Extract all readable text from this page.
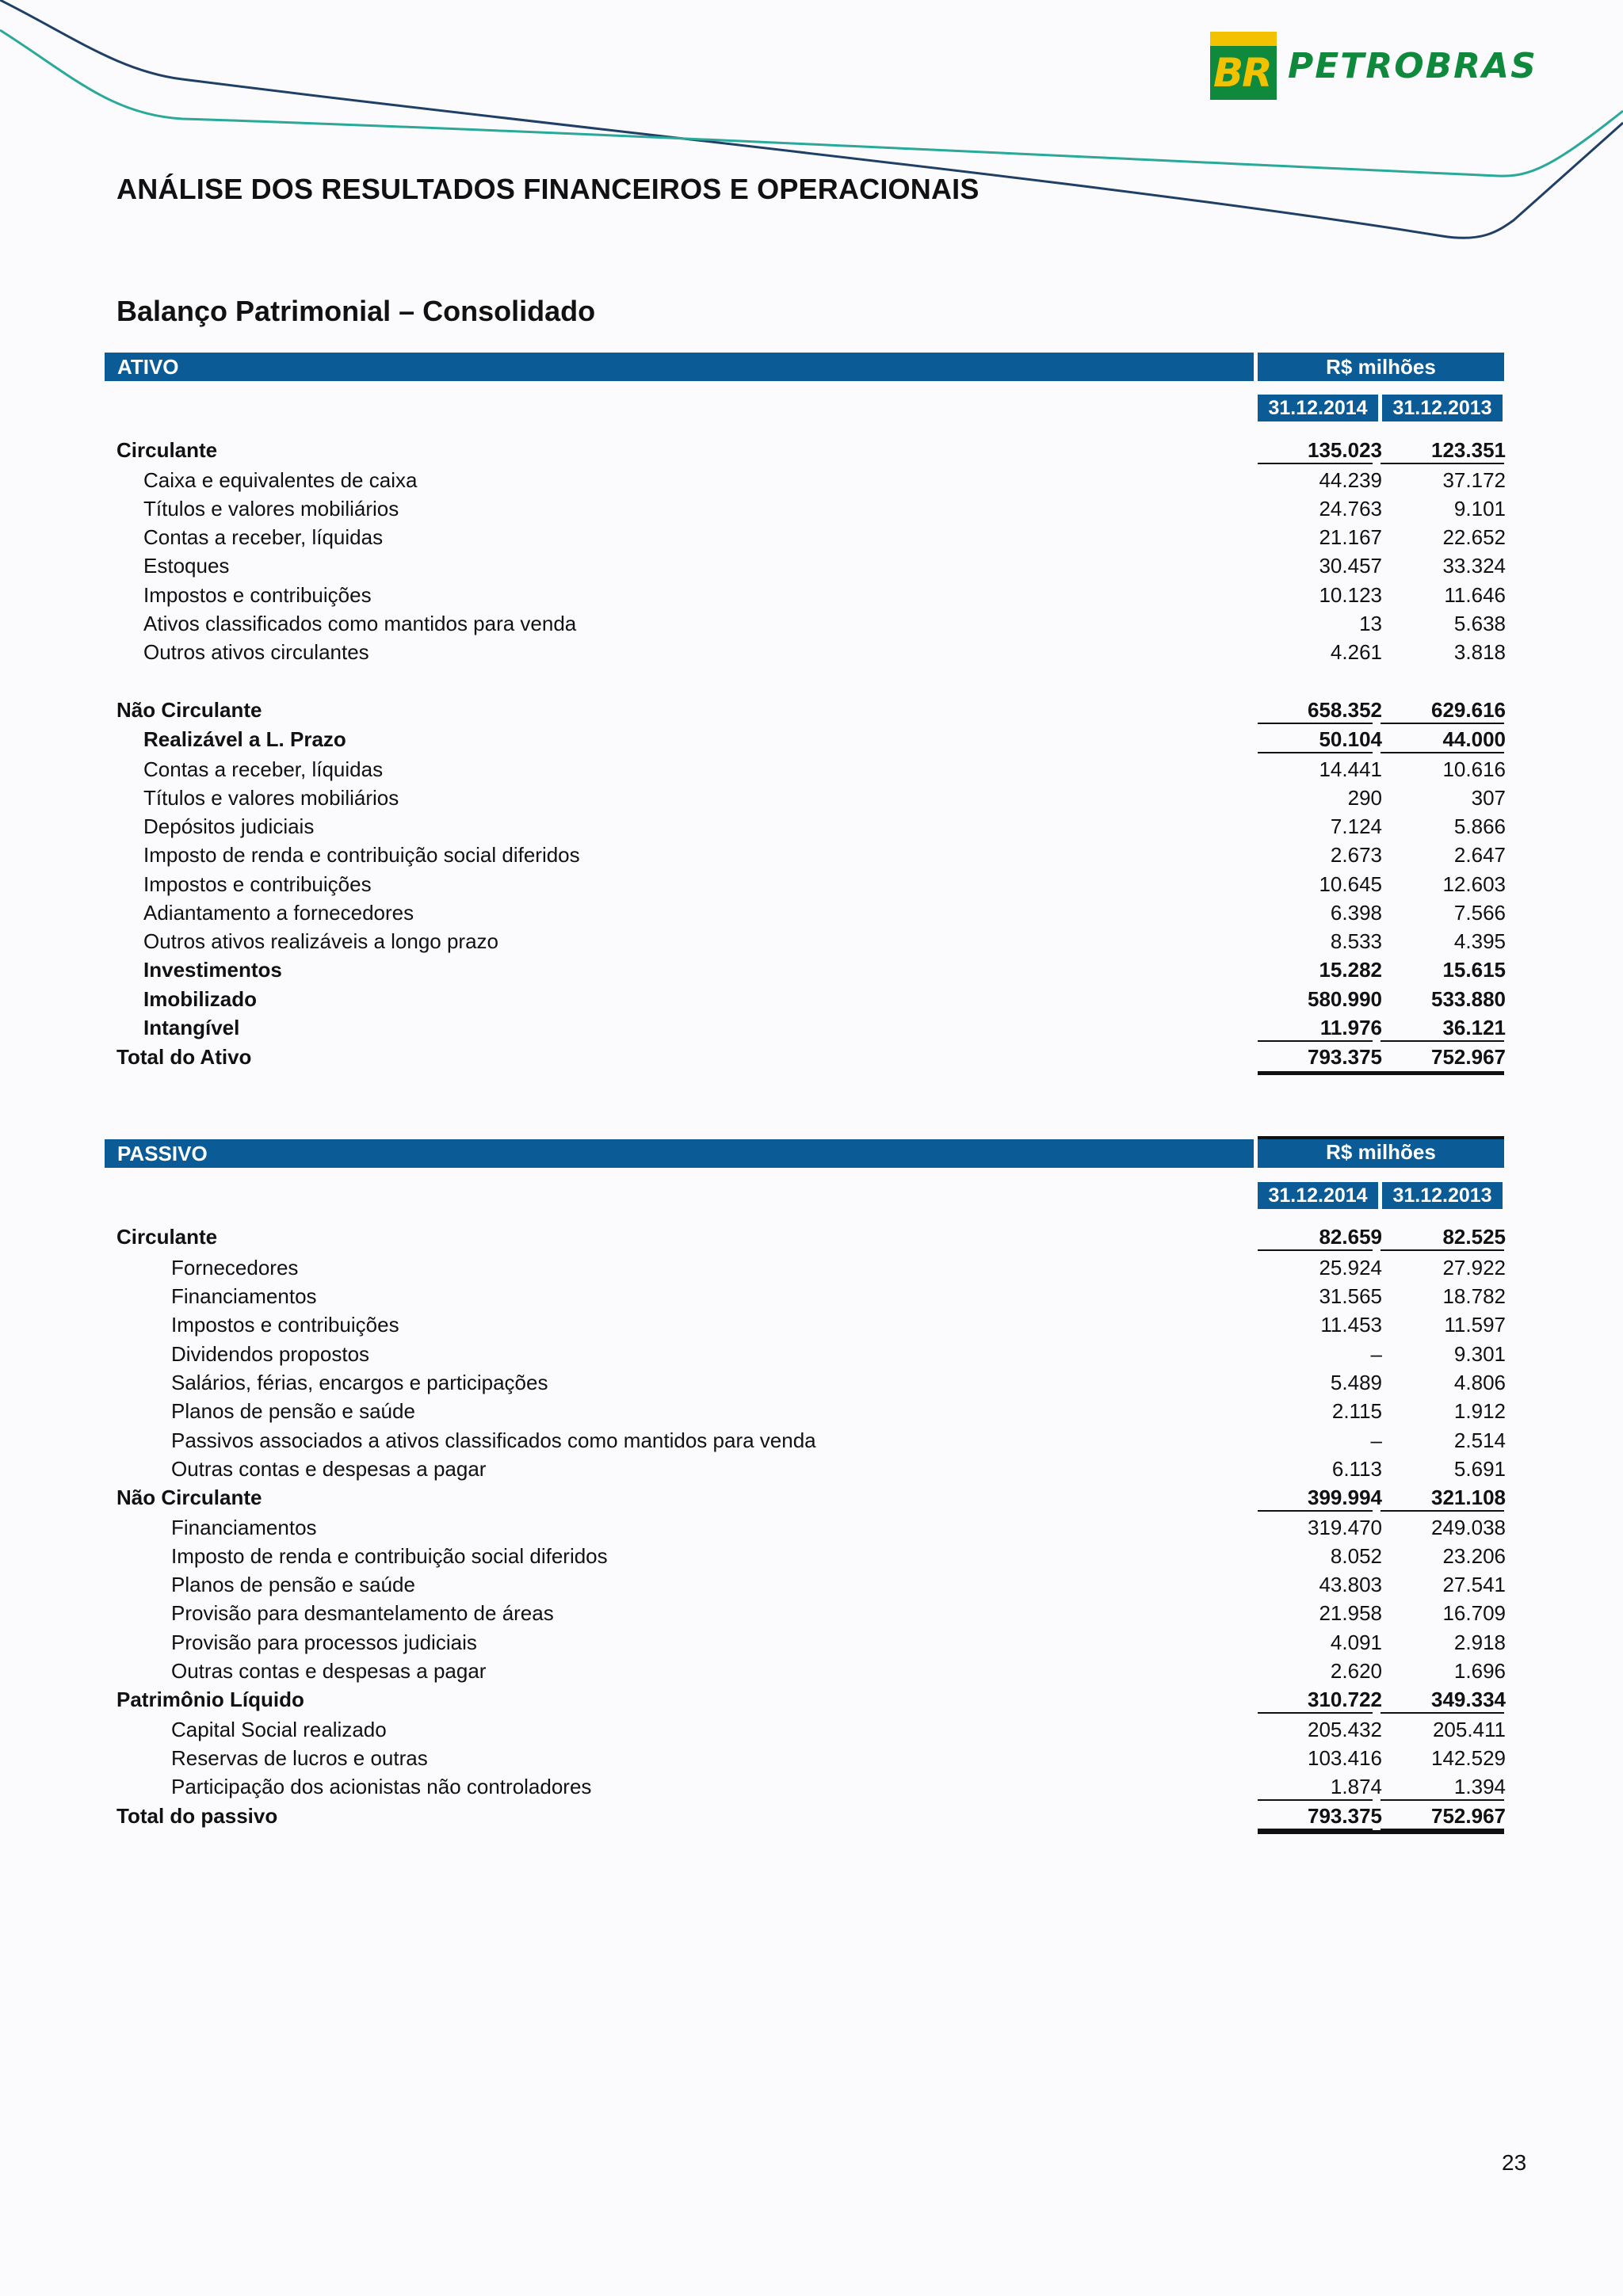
BR PETROBRAS
ANÁLISE DOS RESULTADOS FINANCEIROS E OPERACIONAIS
Balanço Patrimonial – Consolidado
ATIVO	R$ milhões
31.12.2014	31.12.2013
Circulante	135.023	123.351
Caixa e equivalentes de caixa	44.239	37.172
Títulos e valores mobiliários	24.763	9.101
Contas a receber, líquidas	21.167	22.652
Estoques	30.457	33.324
Impostos e contribuições	10.123	11.646
Ativos classificados como mantidos para venda	13	5.638
Outros ativos circulantes	4.261	3.818
Não Circulante	658.352	629.616
Realizável a L. Prazo	50.104	44.000
Contas a receber, líquidas	14.441	10.616
Títulos e valores mobiliários	290	307
Depósitos judiciais	7.124	5.866
Imposto de renda e contribuição social diferidos	2.673	2.647
Impostos e contribuições	10.645	12.603
Adiantamento a fornecedores	6.398	7.566
Outros ativos realizáveis a longo prazo	8.533	4.395
Investimentos	15.282	15.615
Imobilizado	580.990	533.880
Intangível	11.976	36.121
Total do Ativo	793.375	752.967
PASSIVO	R$ milhões
31.12.2014	31.12.2013
Circulante	82.659	82.525
Fornecedores	25.924	27.922
Financiamentos	31.565	18.782
Impostos e contribuições	11.453	11.597
Dividendos propostos	–	9.301
Salários, férias, encargos e participações	5.489	4.806
Planos de pensão e saúde	2.115	1.912
Passivos associados a ativos classificados como mantidos para venda	–	2.514
Outras contas e despesas a pagar	6.113	5.691
Não Circulante	399.994	321.108
Financiamentos	319.470	249.038
Imposto de renda e contribuição social diferidos	8.052	23.206
Planos de pensão e saúde	43.803	27.541
Provisão para desmantelamento de áreas	21.958	16.709
Provisão para processos judiciais	4.091	2.918
Outras contas e despesas a pagar	2.620	1.696
Patrimônio Líquido	310.722	349.334
Capital Social realizado	205.432	205.411
Reservas de lucros e outras	103.416	142.529
Participação dos acionistas não controladores	1.874	1.394
Total do passivo	793.375	752.967
23
